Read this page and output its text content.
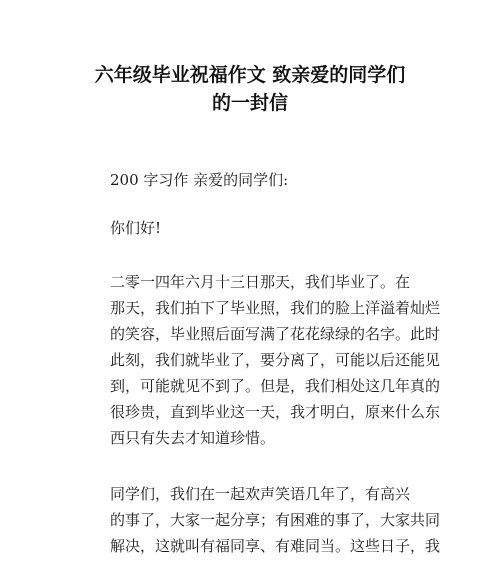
六年级毕业祝福作文 致亲爱的同学们
的一封信

200 字习作 亲爱的同学们:

你们好!

二零一四年六月十三日那天，我们毕业了。在
那天，我们拍下了毕业照，我们的脸上洋溢着灿烂
的笑容，毕业照后面写满了花花绿绿的名字。此时
此刻，我们就毕业了，要分离了，可能以后还能见
到，可能就见不到了。但是，我们相处这几年真的
很珍贵，直到毕业这一天，我才明白，原来什么东
西只有失去才知道珍惜。

同学们，我们在一起欢声笑语几年了，有高兴
的事了，大家一起分享；有困难的事了，大家共同
解决，这就叫有福同享、有难同当。这些日子，我
